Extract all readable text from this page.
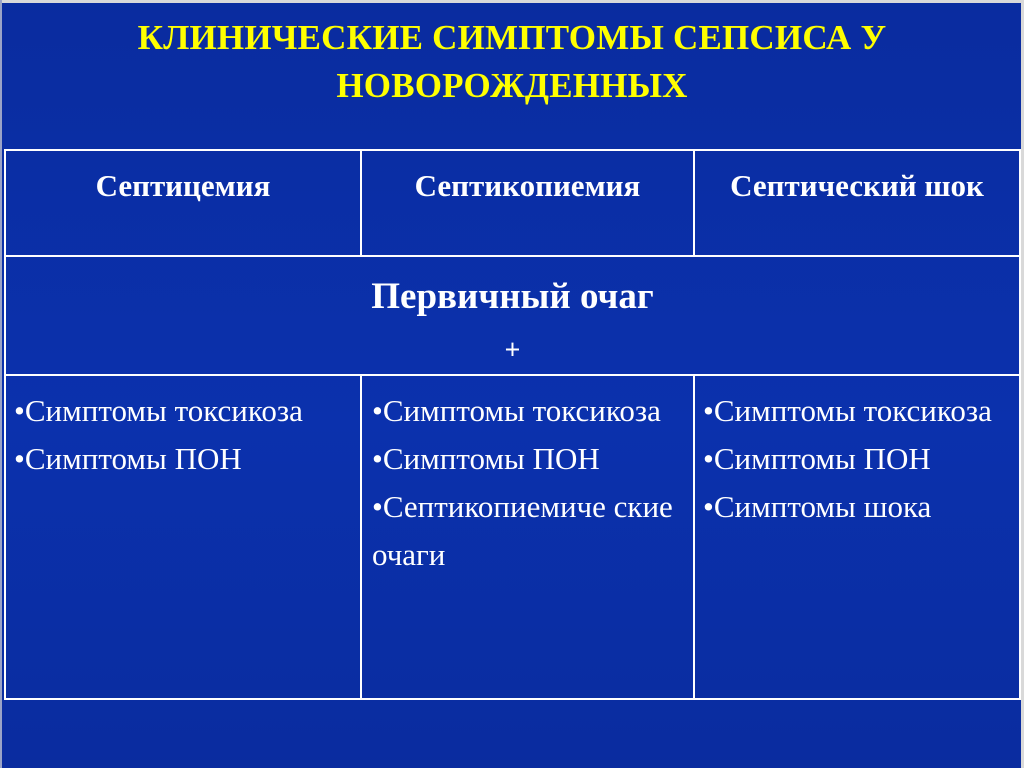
КЛИНИЧЕСКИЕ СИМПТОМЫ СЕПСИСА У НОВОРОЖДЕННЫХ
Септицемия	Септикопиемия	Септический шок
Первичный очаг
+
•Симптомы токсикоза
•Симптомы ПОН
•Симптомы токсикоза
•Симптомы ПОН
•Септикопиемиче ские очаги
•Симптомы токсикоза
•Симптомы ПОН
•Симптомы шока
